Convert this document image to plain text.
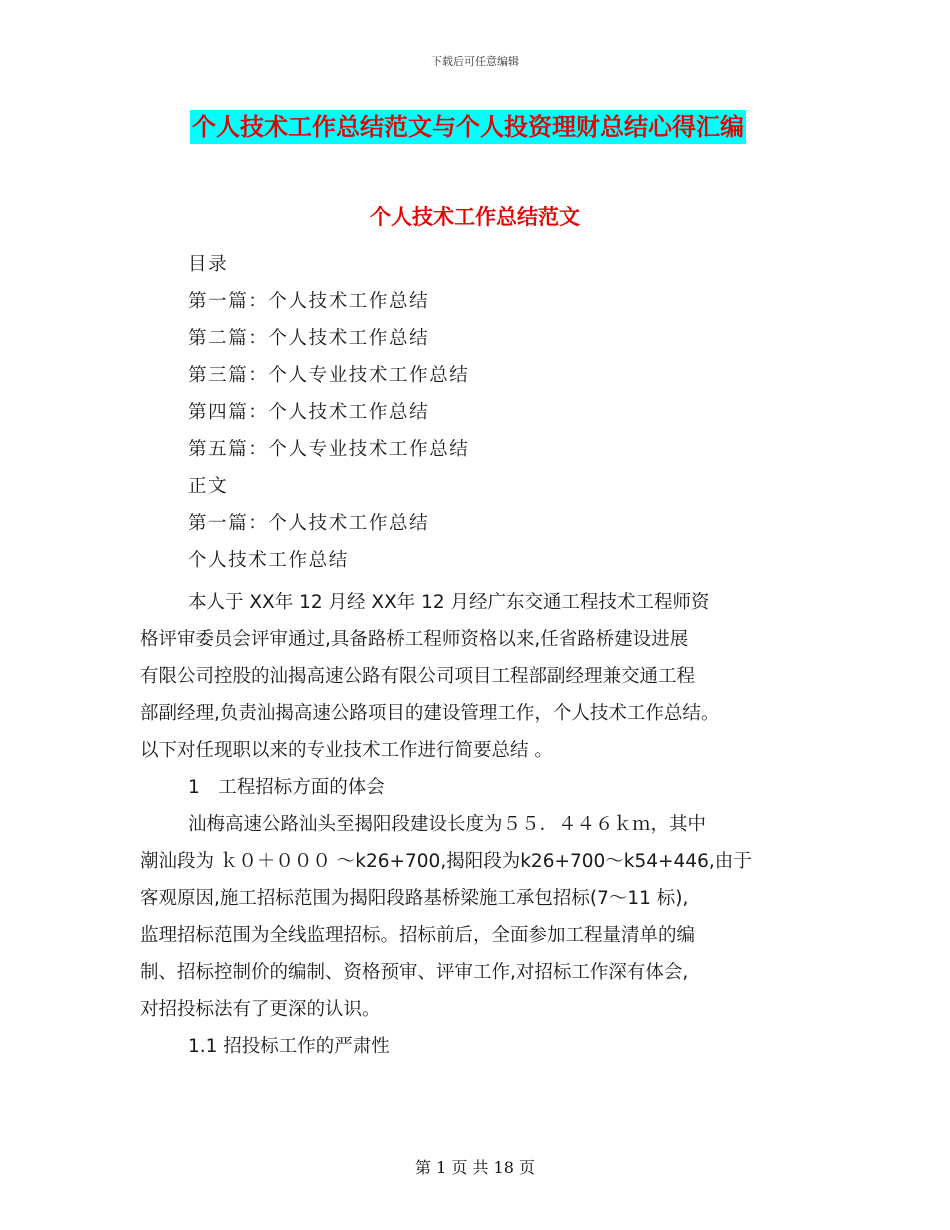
下载后可任意编辑
个人技术工作总结范文与个人投资理财总结心得汇编
个人技术工作总结范文
目录
第一篇：个人技术工作总结
第二篇：个人技术工作总结
第三篇：个人专业技术工作总结
第四篇：个人技术工作总结
第五篇：个人专业技术工作总结
正文
第一篇：个人技术工作总结
个人技术工作总结
本人于 XX年 12 月经 XX年 12 月经广东交通工程技术工程师资
格评审委员会评审通过,具备路桥工程师资格以来,任省路桥建设进展
有限公司控股的汕揭高速公路有限公司项目工程部副经理兼交通工程
部副经理,负责汕揭高速公路项目的建设管理工作，个人技术工作总结。
以下对任现职以来的专业技术工作进行简要总结 。
1　工程招标方面的体会
汕梅高速公路汕头至揭阳段建设长度为５５．４４６ｋｍ，其中
潮汕段为 ｋ０＋０００ ～k26+700,揭阳段为k26+700～k54+446,由于
客观原因,施工招标范围为揭阳段路基桥梁施工承包招标(7～11 标),
监理招标范围为全线监理招标。招标前后，全面参加工程量清单的编
制、招标控制价的编制、资格预审、评审工作,对招标工作深有体会,
对招投标法有了更深的认识。
1.1 招投标工作的严肃性
第 1 页 共 18 页
